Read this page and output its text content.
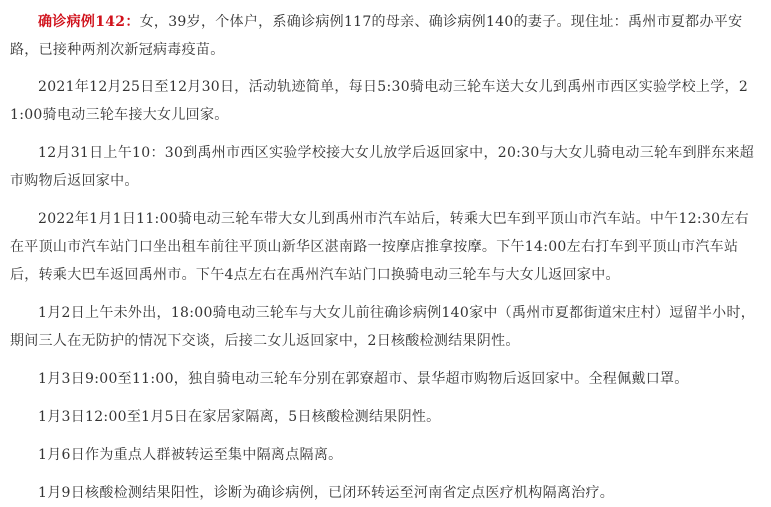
确诊病例142：女，39岁，个体户，系确诊病例117的母亲、确诊病例140的妻子。现住址：禹州市夏都办平安路，已接种两剂次新冠病毒疫苗。

2021年12月25日至12月30日，活动轨迹简单，每日5:30骑电动三轮车送大女儿到禹州市西区实验学校上学，21:00骑电动三轮车接大女儿回家。

12月31日上午10：30到禹州市西区实验学校接大女儿放学后返回家中，20:30与大女儿骑电动三轮车到胖东来超市购物后返回家中。

2022年1月1日11:00骑电动三轮车带大女儿到禹州市汽车站后，转乘大巴车到平顶山市汽车站。中午12:30左右在平顶山市汽车站门口坐出租车前往平顶山新华区湛南路一按摩店推拿按摩。下午14:00左右打车到平顶山市汽车站后，转乘大巴车返回禹州市。下午4点左右在禹州汽车站门口换骑电动三轮车与大女儿返回家中。

1月2日上午未外出，18:00骑电动三轮车与大女儿前往确诊病例140家中（禹州市夏都街道宋庄村）逗留半小时，期间三人在无防护的情况下交谈，后接二女儿返回家中，2日核酸检测结果阴性。

1月3日9:00至11:00，独自骑电动三轮车分别在郭寮超市、景华超市购物后返回家中。全程佩戴口罩。

1月3日12:00至1月5日在家居家隔离，5日核酸检测结果阴性。

1月6日作为重点人群被转运至集中隔离点隔离。

1月9日核酸检测结果阳性，诊断为确诊病例，已闭环转运至河南省定点医疗机构隔离治疗。
